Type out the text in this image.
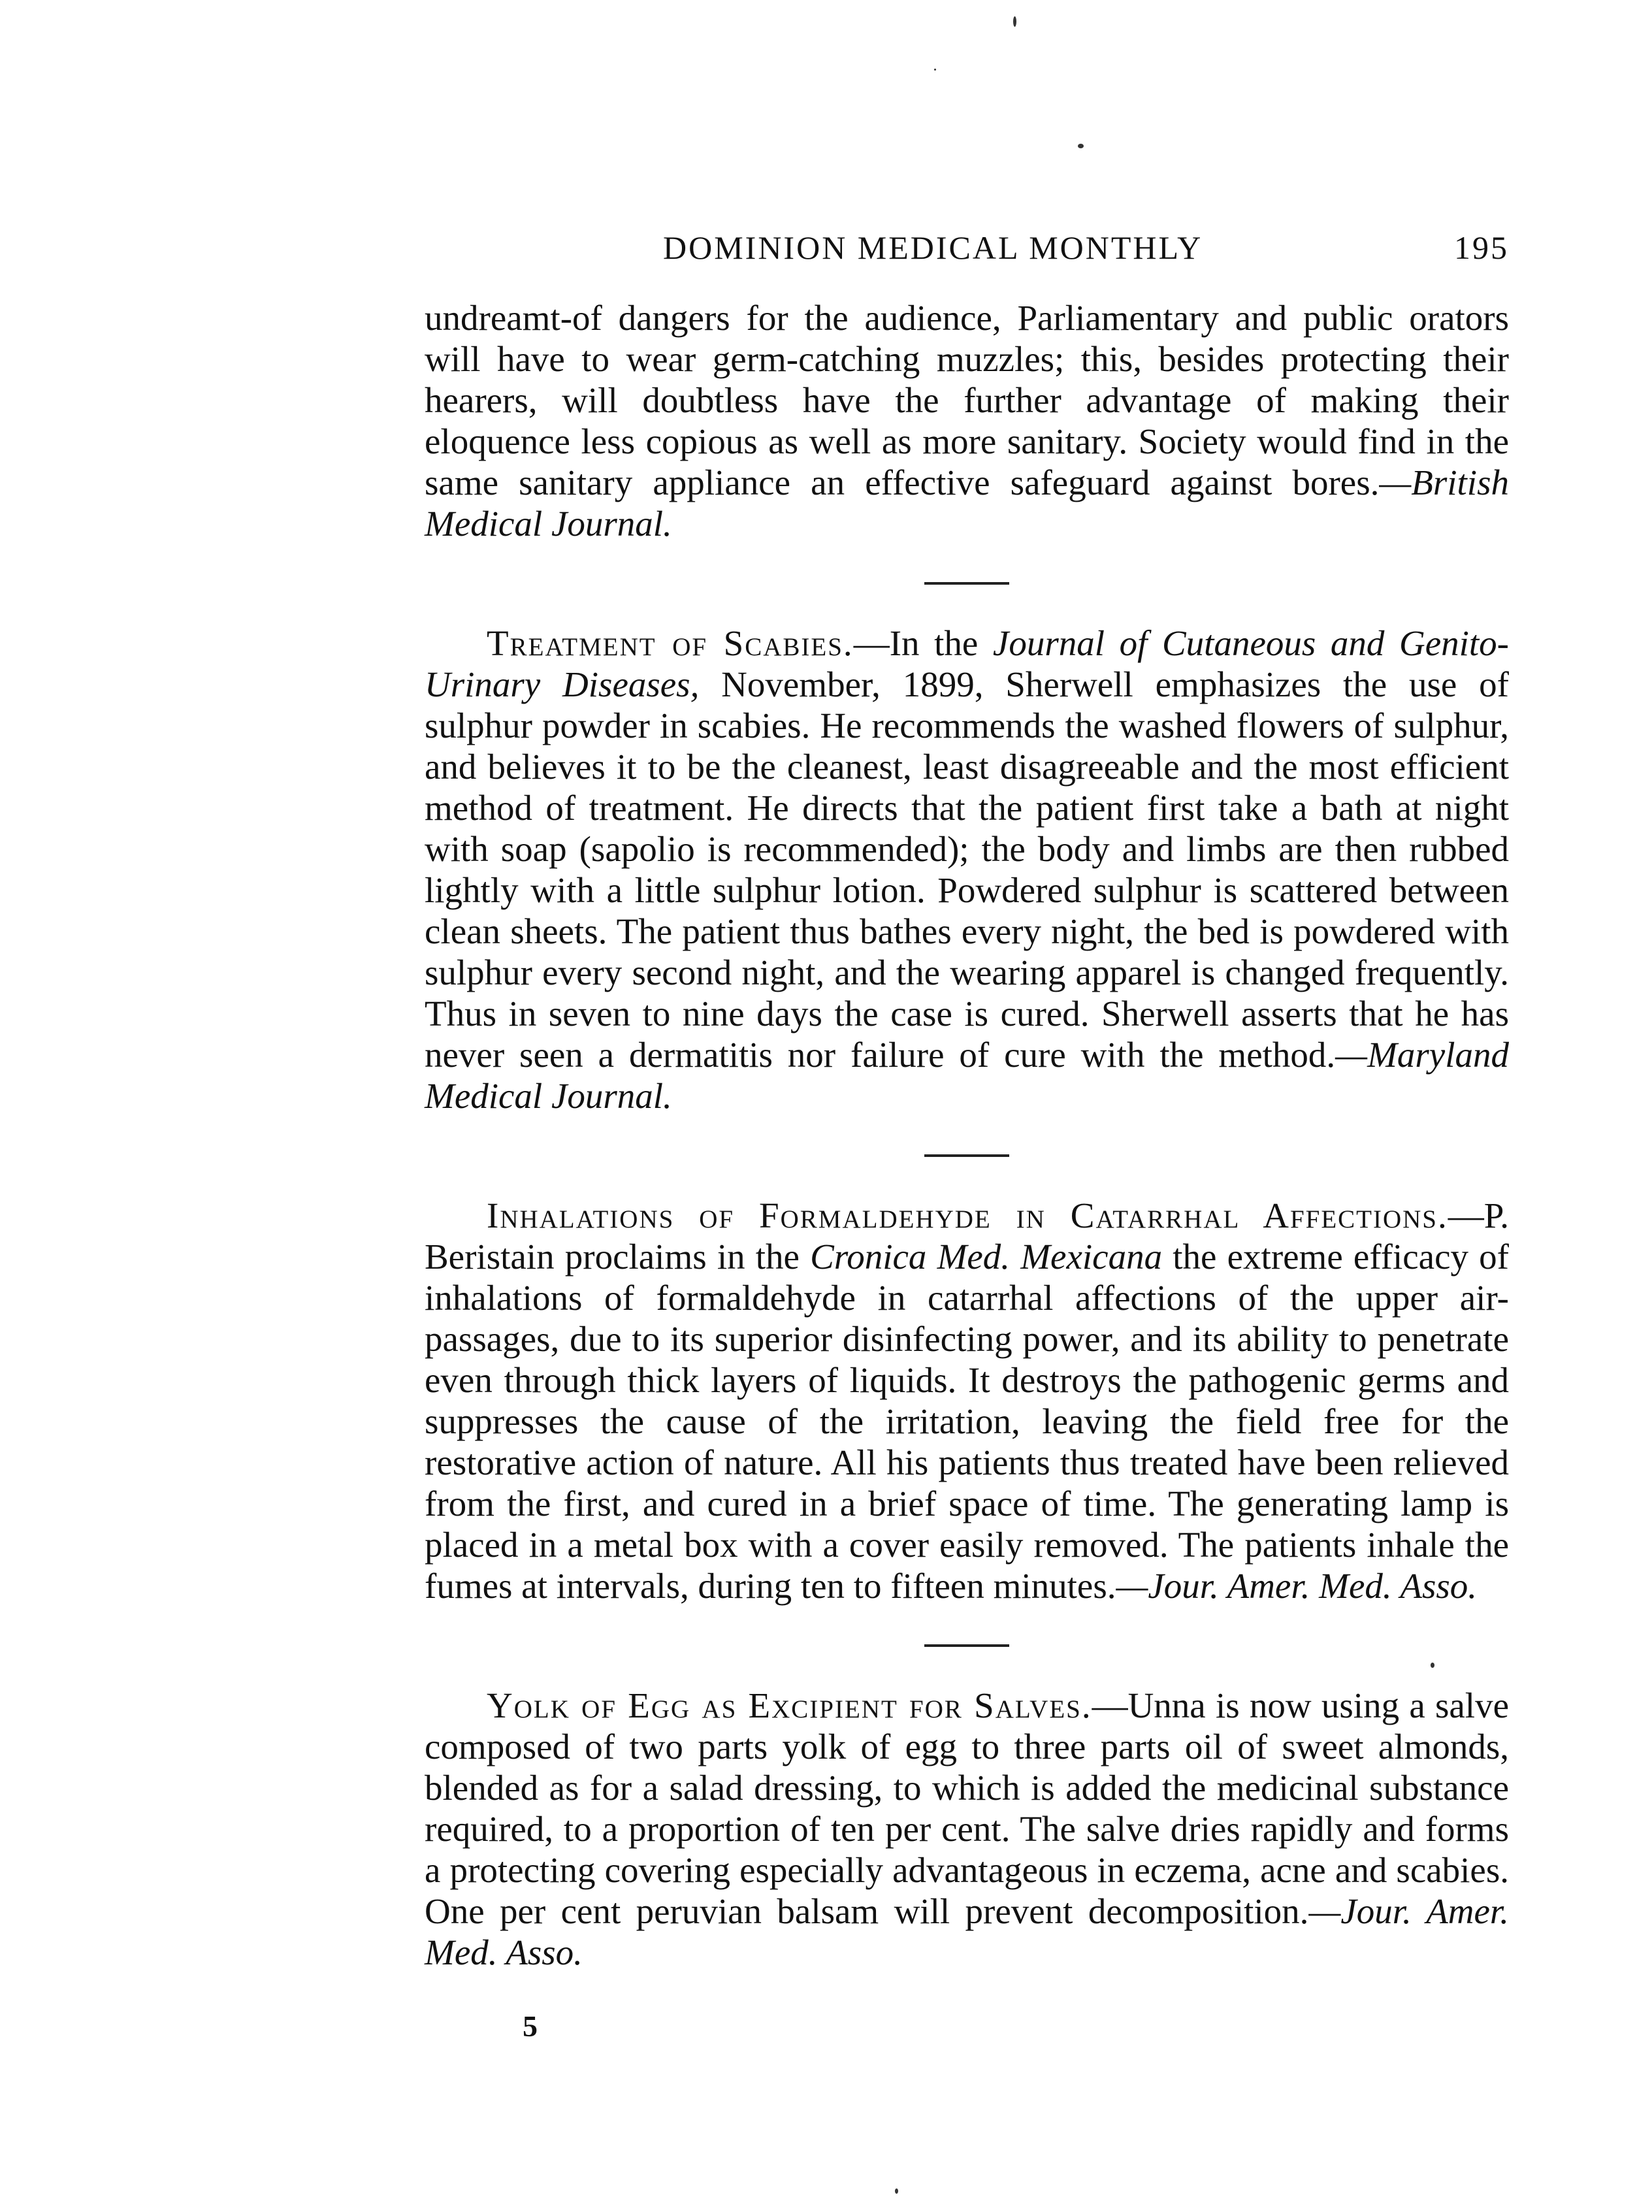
DOMINION MEDICAL MONTHLY	195

undreamt-of dangers for the audience, Parliamentary and public orators will have to wear germ-catching muzzles; this, besides protecting their hearers, will doubtless have the further advantage of making their eloquence less copious as well as more sanitary. Society would find in the same sanitary appliance an effective safeguard against bores.—British Medical Journal.

Treatment of Scabies.—In the Journal of Cutaneous and Genito-Urinary Diseases, November, 1899, Sherwell emphasizes the use of sulphur powder in scabies. He recommends the washed flowers of sulphur, and believes it to be the cleanest, least disagreeable and the most efficient method of treatment. He directs that the patient first take a bath at night with soap (sapolio is recommended); the body and limbs are then rubbed lightly with a little sulphur lotion. Powdered sulphur is scattered between clean sheets. The patient thus bathes every night, the bed is powdered with sulphur every second night, and the wearing apparel is changed frequently. Thus in seven to nine days the case is cured. Sherwell asserts that he has never seen a dermatitis nor failure of cure with the method.—Maryland Medical Journal.

Inhalations of Formaldehyde in Catarrhal Affections.—P. Beristain proclaims in the Cronica Med. Mexicana the extreme efficacy of inhalations of formaldehyde in catarrhal affections of the upper air-passages, due to its superior disinfecting power, and its ability to penetrate even through thick layers of liquids. It destroys the pathogenic germs and suppresses the cause of the irritation, leaving the field free for the restorative action of nature. All his patients thus treated have been relieved from the first, and cured in a brief space of time. The generating lamp is placed in a metal box with a cover easily removed. The patients inhale the fumes at intervals, during ten to fifteen minutes.—Jour. Amer. Med. Asso.

Yolk of Egg as Excipient for Salves.—Unna is now using a salve composed of two parts yolk of egg to three parts oil of sweet almonds, blended as for a salad dressing, to which is added the medicinal substance required, to a proportion of ten per cent. The salve dries rapidly and forms a protecting covering especially advantageous in eczema, acne and scabies. One per cent peruvian balsam will prevent decomposition.—Jour. Amer. Med. Asso.

5
